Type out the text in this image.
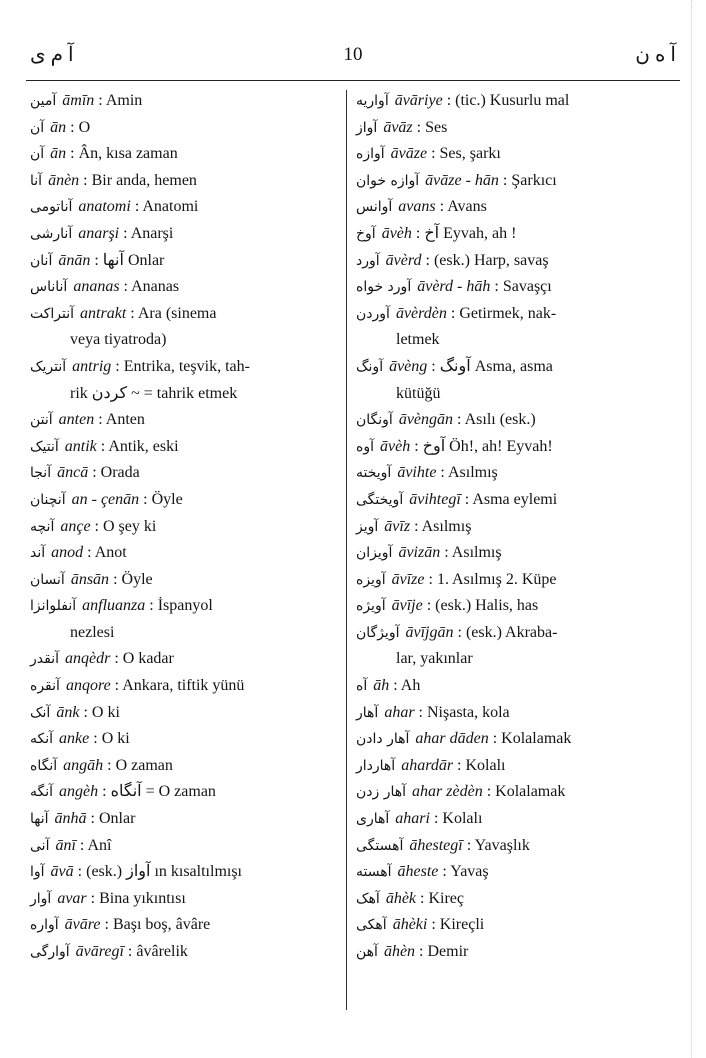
آ م ی	10	آ ه ن
آمین āmīn : Amin
آن ān : O
آن ān : Ân, kısa zaman
آنا ānèn : Bir anda, hemen
آناتومی anatomi : Anatomi
آنارشی anarşi : Anarşi
آنان ānān : آنها Onlar
آناناس ananas : Ananas
آنتراکت antrakt : Ara (sinema
veya tiyatroda)
آنتریک antrig : Entrika, teşvik, tah-
rik کردن ~ = tahrik etmek
آنتن anten : Anten
آنتیک antik : Antik, eski
آنجا āncā : Orada
آنچنان an - çenān : Öyle
آنچه ançe : O şey ki
آند anod : Anot
آنسان ānsān : Öyle
آنفلوانزا anfluanza : İspanyol
nezlesi
آنقدر anqèdr : O kadar
آنقره anqore : Ankara, tiftik yünü
آنک ānk : O ki
آنکه anke : O ki
آنگاه angāh : O zaman
آنگه angèh : آنگاه = O zaman
آنها ānhā : Onlar
آنی ānī : Anî
آوا āvā : (esk.) آواز ın kısaltılmışı
آوار avar : Bina yıkıntısı
آواره āvāre : Başı boş, âvâre
آوارگی āvāregī : âvârelik
آواریه āvāriye : (tic.) Kusurlu mal
آواز āvāz : Ses
آوازه āvāze : Ses, şarkı
آوازه خوان āvāze - hān : Şarkıcı
آوانس avans : Avans
آوخ āvèh : آخ Eyvah, ah !
آورد āvèrd : (esk.) Harp, savaş
آورد خواه āvèrd - hāh : Savaşçı
آوردن āvèrdèn : Getirmek, nak-
letmek
آونگ āvèng : آونگ Asma, asma
kütüğü
آونگان āvèngān : Asılı (esk.)
آوه āvèh : آوخ Öh!, ah! Eyvah!
آویخته āvihte : Asılmış
آویختگی āvihtegī : Asma eylemi
آویز āvīz : Asılmış
آویزان āvizān : Asılmış
آویزه āvīze : 1. Asılmış 2. Küpe
آویژه āvīje : (esk.) Halis, has
آویژگان āvījgān : (esk.) Akraba-
lar, yakınlar
آه āh : Ah
آهار ahar : Nişasta, kola
آهار دادن ahar dāden : Kolalamak
آهاردار ahardār : Kolalı
آهار زدن ahar zèdèn : Kolalamak
آهاری ahari : Kolalı
آهستگی āhestegī : Yavaşlık
آهسته āheste : Yavaş
آهک āhèk : Kireç
آهکی āhèki : Kireçli
آهن āhèn : Demir
